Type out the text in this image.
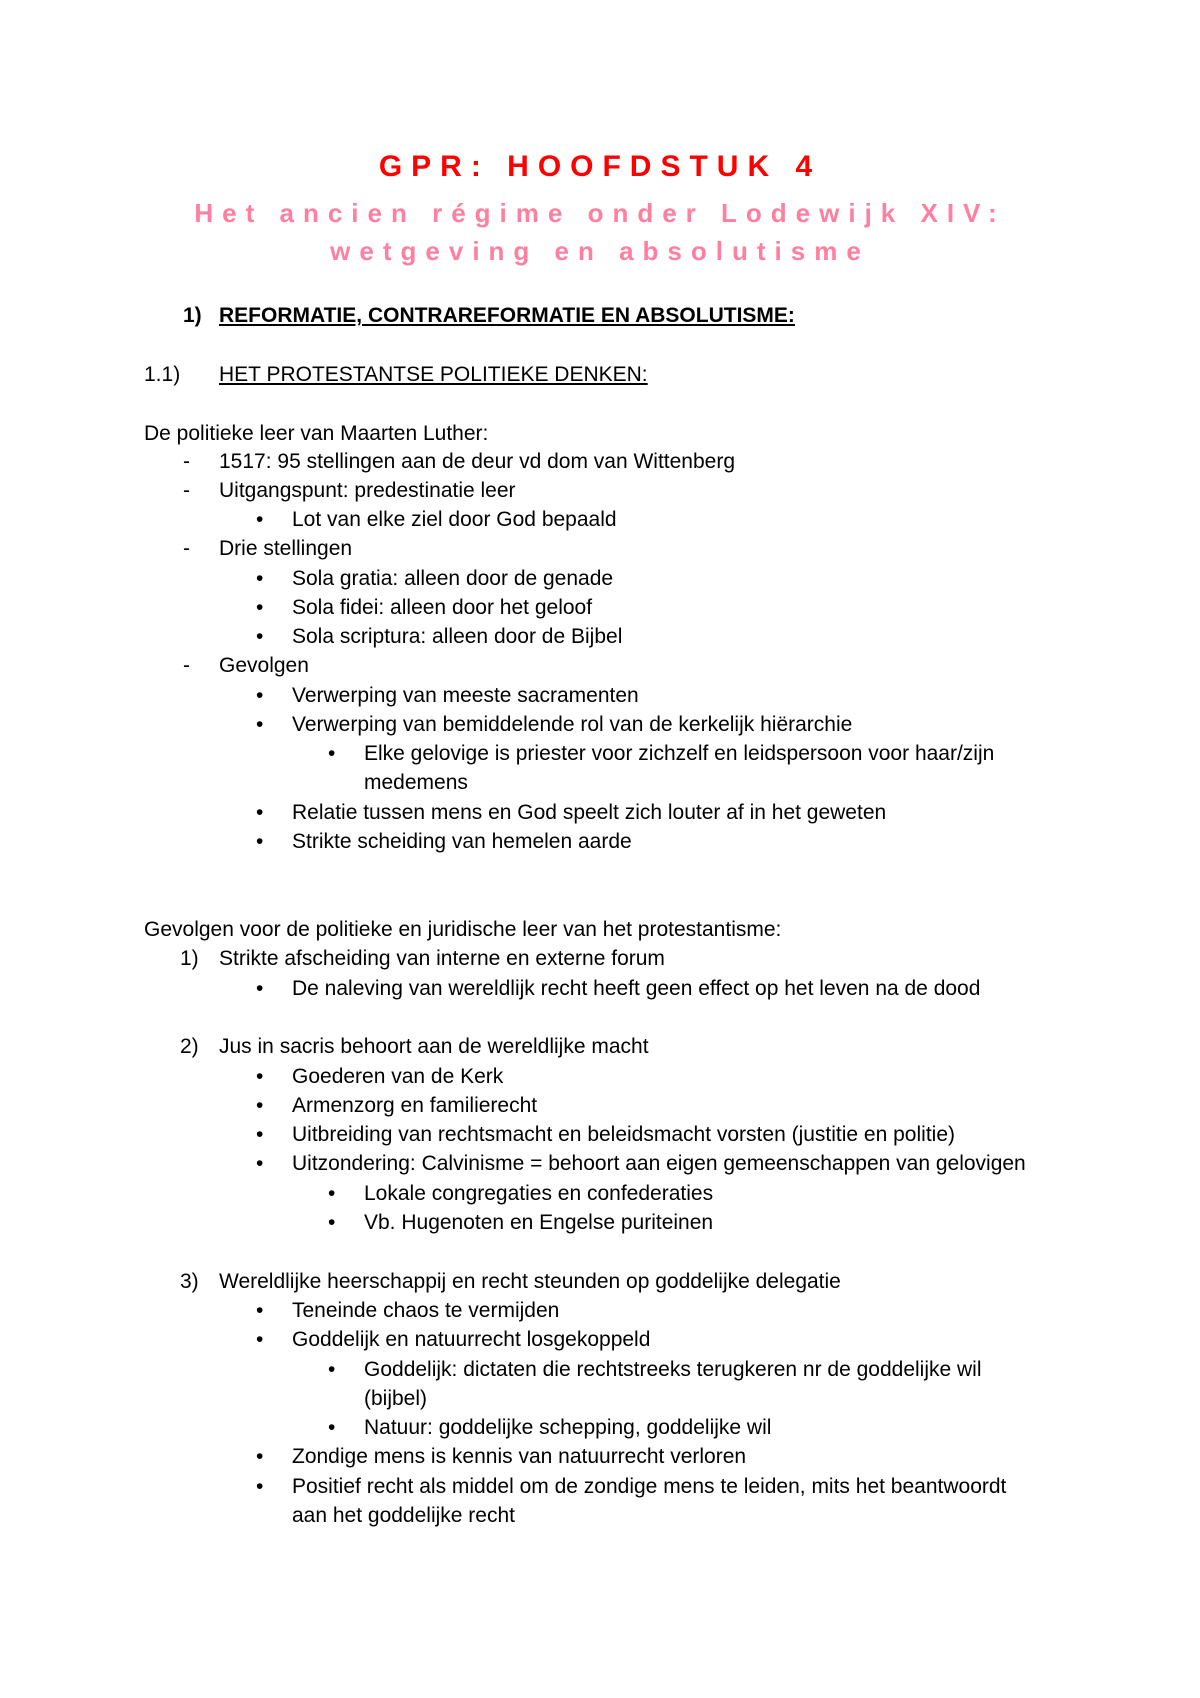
GPR: HOOFDSTUK 4
Het ancien régime onder Lodewijk XIV:
wetgeving en absolutisme
1) REFORMATIE, CONTRAREFORMATIE EN ABSOLUTISME:
1.1) HET PROTESTANTSE POLITIEKE DENKEN:
De politieke leer van Maarten Luther:
- 1517: 95 stellingen aan de deur vd dom van Wittenberg
- Uitgangspunt: predestinatie leer
• Lot van elke ziel door God bepaald
- Drie stellingen
• Sola gratia: alleen door de genade
• Sola fidei: alleen door het geloof
• Sola scriptura: alleen door de Bijbel
- Gevolgen
• Verwerping van meeste sacramenten
• Verwerping van bemiddelende rol van de kerkelijk hiërarchie
• Elke gelovige is priester voor zichzelf en leidspersoon voor haar/zijn
medemens
• Relatie tussen mens en God speelt zich louter af in het geweten
• Strikte scheiding van hemelen aarde
Gevolgen voor de politieke en juridische leer van het protestantisme:
1) Strikte afscheiding van interne en externe forum
• De naleving van wereldlijk recht heeft geen effect op het leven na de dood
2) Jus in sacris behoort aan de wereldlijke macht
• Goederen van de Kerk
• Armenzorg en familierecht
• Uitbreiding van rechtsmacht en beleidsmacht vorsten (justitie en politie)
• Uitzondering: Calvinisme = behoort aan eigen gemeenschappen van gelovigen
• Lokale congregaties en confederaties
• Vb. Hugenoten en Engelse puriteinen
3) Wereldlijke heerschappij en recht steunden op goddelijke delegatie
• Teneinde chaos te vermijden
• Goddelijk en natuurrecht losgekoppeld
• Goddelijk: dictaten die rechtstreeks terugkeren nr de goddelijke wil
(bijbel)
• Natuur: goddelijke schepping, goddelijke wil
• Zondige mens is kennis van natuurrecht verloren
• Positief recht als middel om de zondige mens te leiden, mits het beantwoordt
aan het goddelijke recht
